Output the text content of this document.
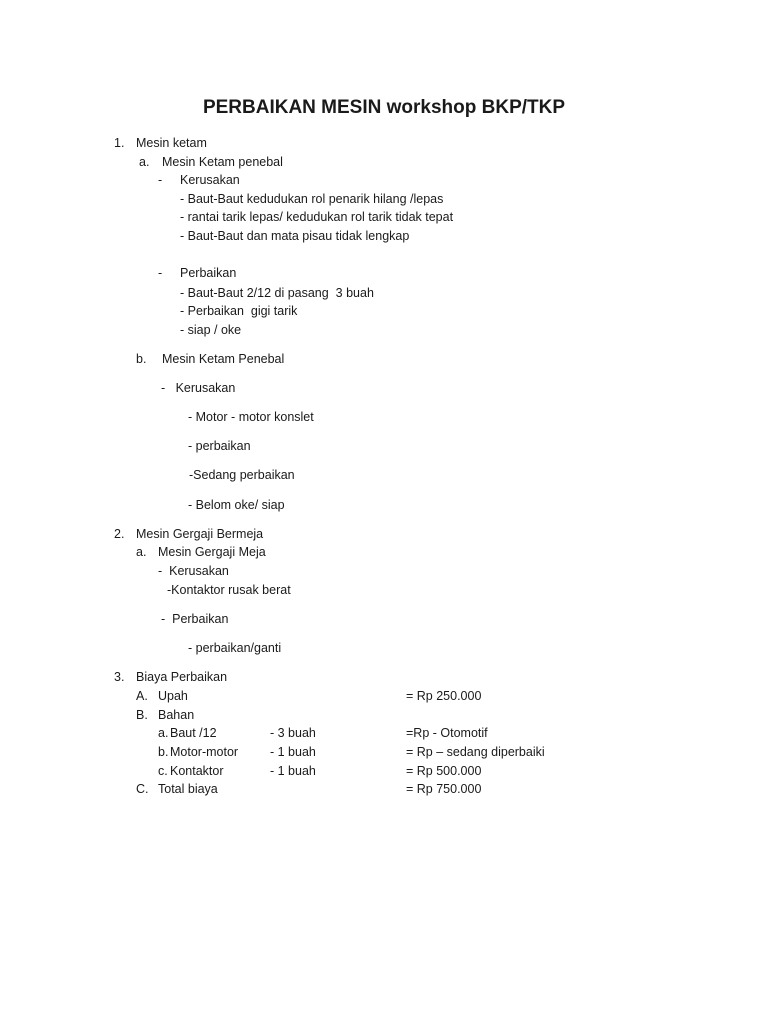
PERBAIKAN MESIN workshop BKP/TKP
1. Mesin ketam
a. Mesin Ketam penebal
- Kerusakan
- Baut-Baut kedudukan rol penarik hilang /lepas
- rantai tarik lepas/ kedudukan rol tarik tidak tepat
- Baut-Baut dan mata pisau tidak lengkap
- Perbaikan
- Baut-Baut 2/12 di pasang  3 buah
- Perbaikan  gigi tarik
- siap / oke
b. Mesin Ketam Penebal
-   Kerusakan
- Motor - motor konslet
- perbaikan
-Sedang perbaikan
- Belom oke/ siap
2. Mesin Gergaji Bermeja
a. Mesin Gergaji Meja
-  Kerusakan
-Kontaktor rusak berat
-  Perbaikan
- perbaikan/ganti
3. Biaya Perbaikan
A. Upah	= Rp 250.000
B. Bahan
a. Baut /12	- 3 buah	=Rp - Otomotif
b. Motor-motor	- 1 buah	= Rp – sedang diperbaiki
c. Kontaktor	- 1 buah	= Rp 500.000
C. Total biaya	= Rp 750.000
